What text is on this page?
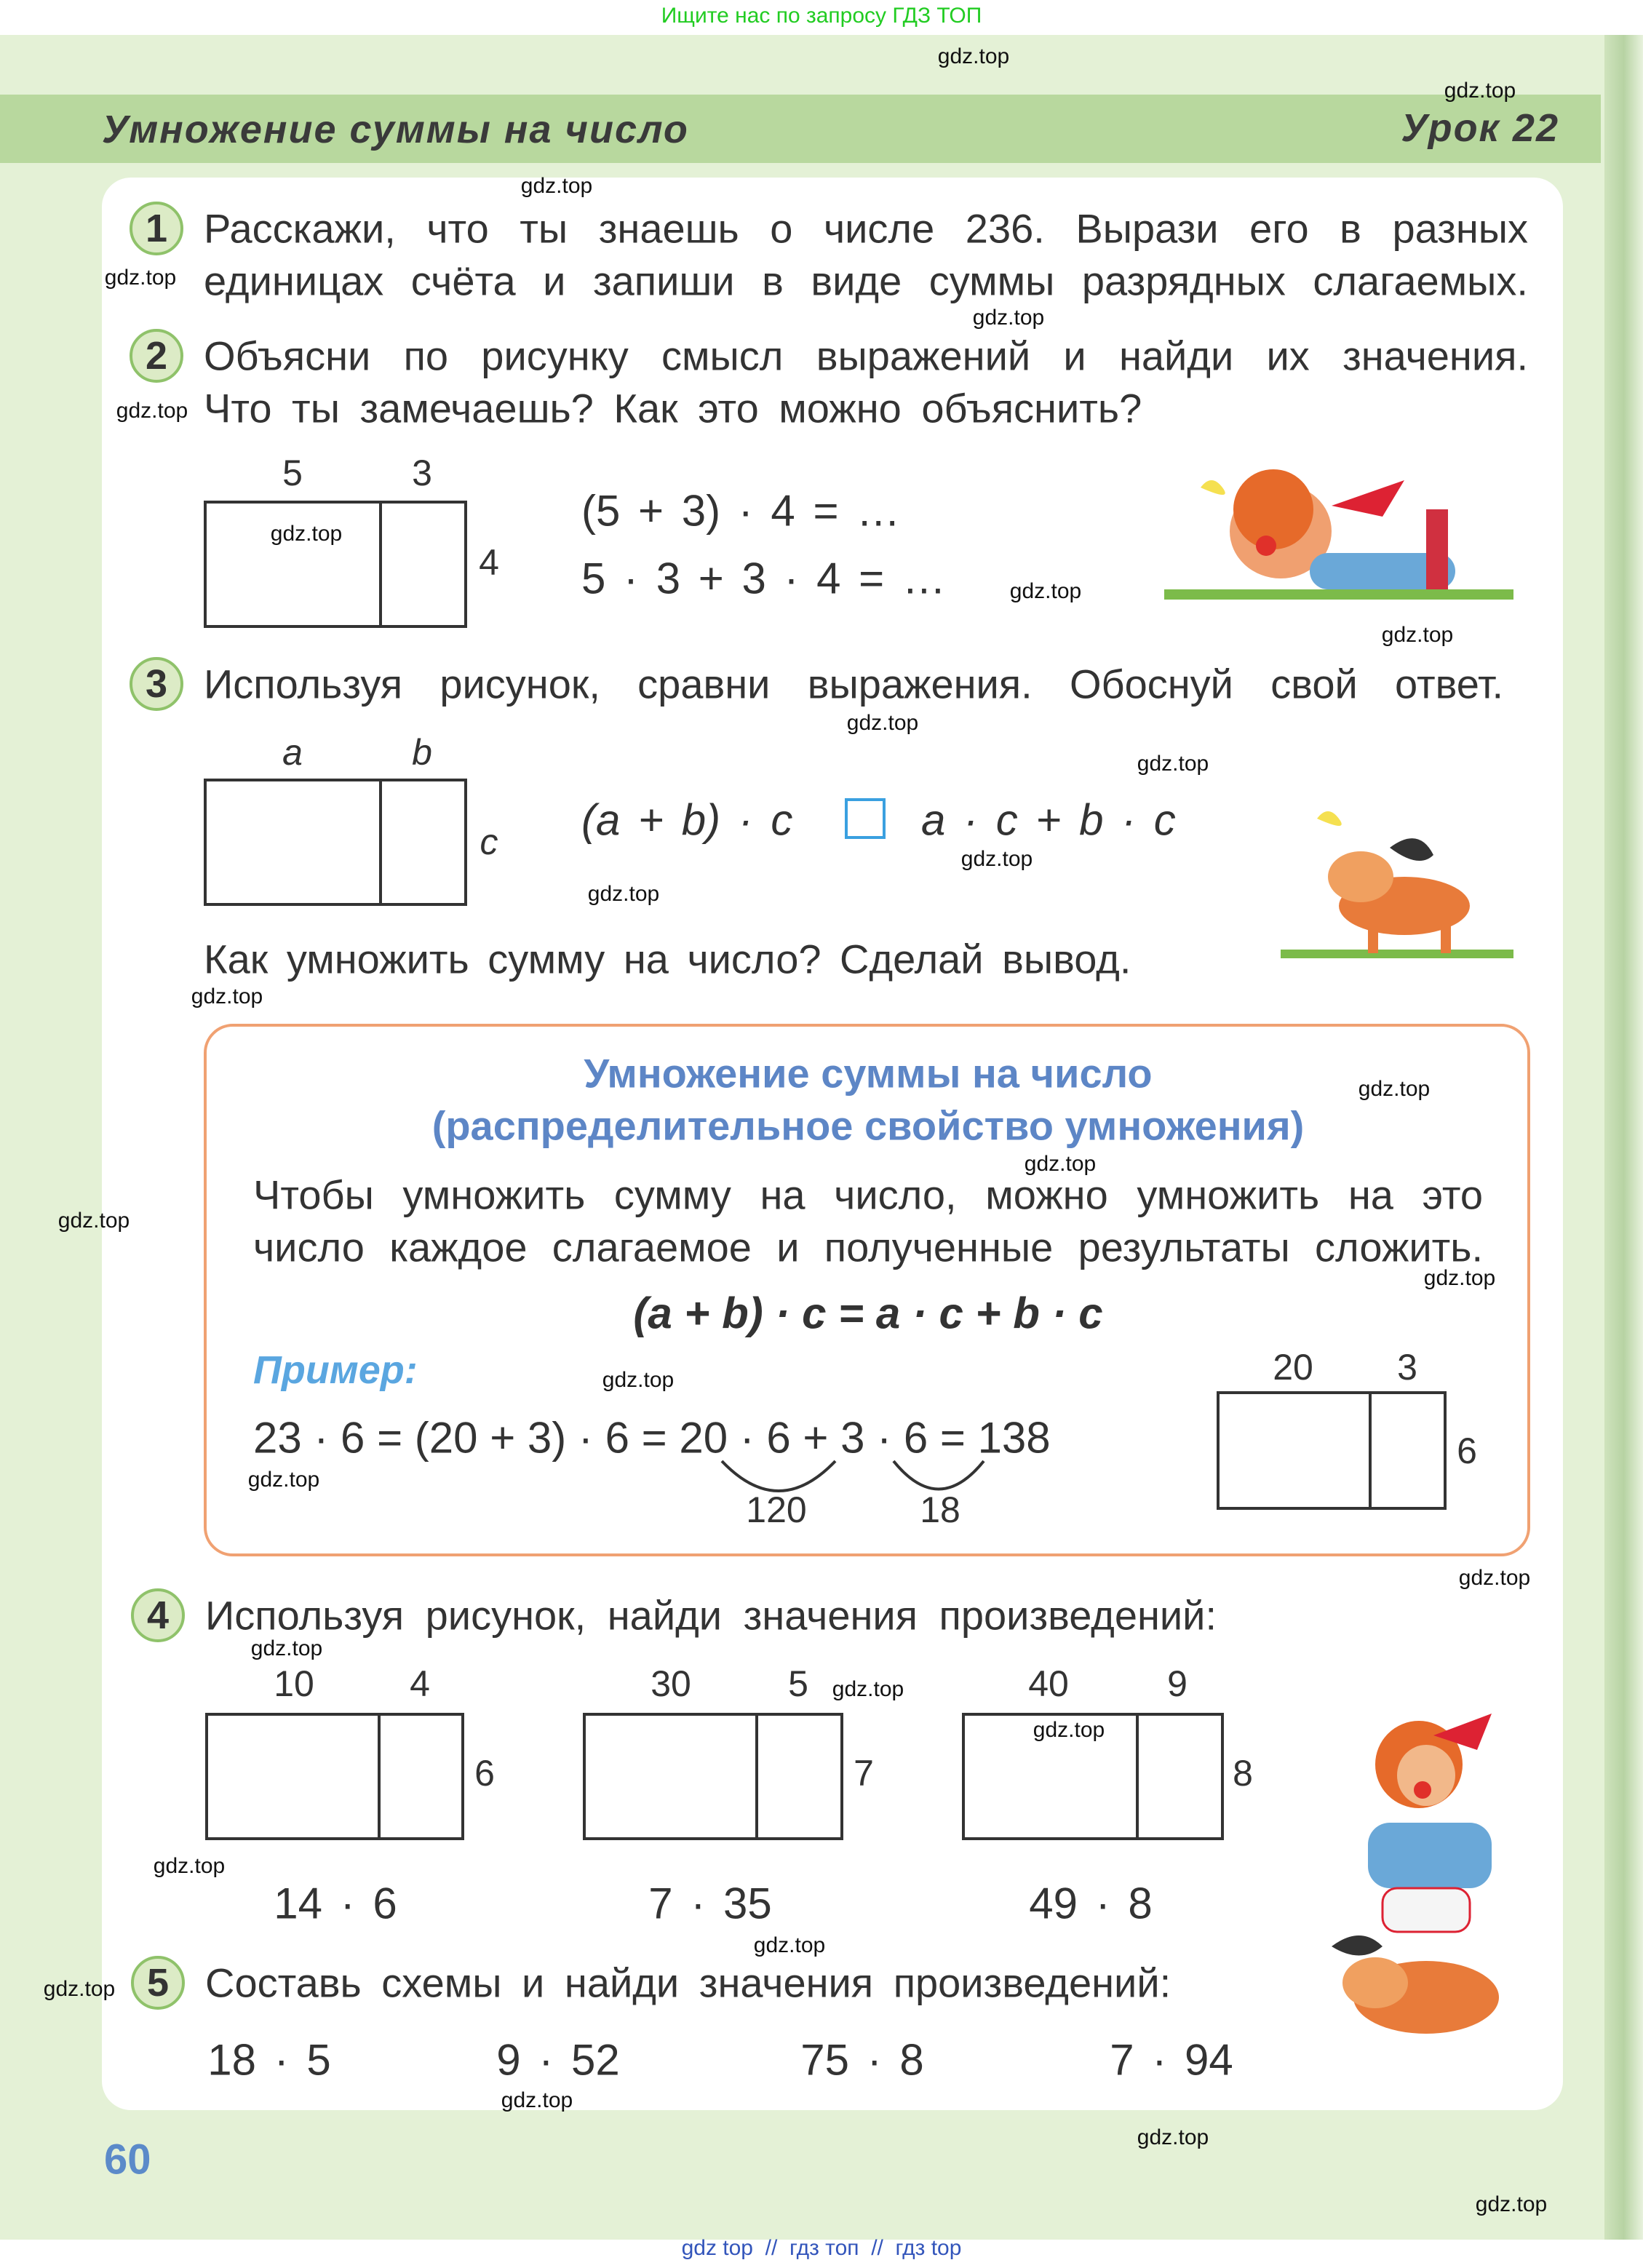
Ищите нас по запросу ГДЗ ТОП
Умножение суммы на число	Урок 22
1 Расскажи, что ты знаешь о числе 236. Вырази его в разных
единицах счёта и запиши в виде суммы разрядных слагаемых.
2 Объясни по рисунку смысл выражений и найди их значения.
Что ты замечаешь? Как это можно объяснить?
5	3
4
(5 + 3) · 4 = …
5 · 3 + 3 · 4 = …
3 Используя рисунок, сравни выражения. Обоснуй свой ответ.
a	b
c (a + b) · c	a · c + b · c
Как умножить сумму на число? Сделай вывод.
Умножение суммы на число
(распределительное свойство умножения)
Чтобы умножить сумму на число, можно умножить на это
число каждое слагаемое и полученные результаты сложить.
(a + b) · c = a · c + b · c
Пример:
23 · 6 = (20 + 3) · 6 = 20 · 6 + 3 · 6 = 138
120	18
20 3
6
4 Используя рисунок, найди значения произведений:
10	4
6
14 · 6
30	5
7
7 · 35
40	9
8
49 · 8
5 Составь схемы и найди значения произведений:
18 · 5	9 · 52	75 · 8	7 · 94
60
gdz top  //  гдз топ  //  гдз top
gdz.top
gdz.top
gdz.top
gdz.top
gdz.top
gdz.top
gdz.top
gdz.top
gdz.top
gdz.top
gdz.top
gdz.top
gdz.top
gdz.top
gdz.top
gdz.top
gdz.top
gdz.top
gdz.top
gdz.top
gdz.top
gdz.top
gdz.top
gdz.top
gdz.top
gdz.top
gdz.top
gdz.top
gdz.top
gdz.top
